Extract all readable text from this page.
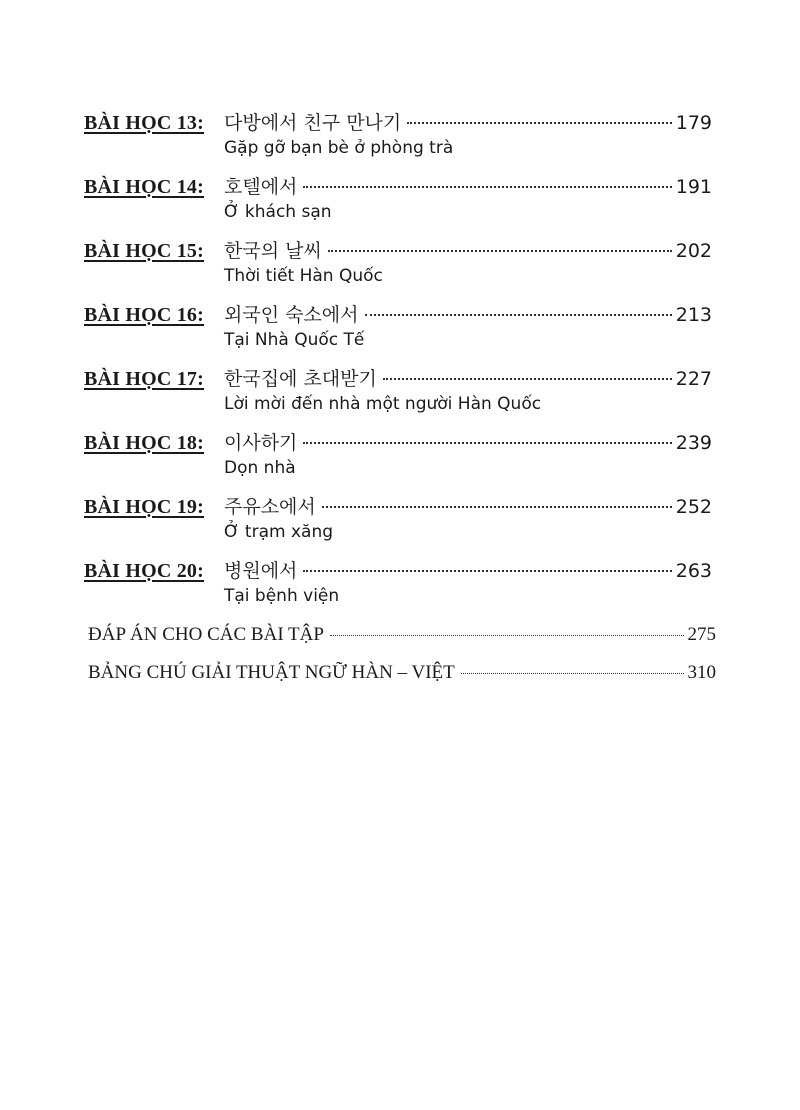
BÀI HỌC 13:	다방에서 친구 만나기	179
Gặp gỡ bạn bè ở phòng trà
BÀI HỌC 14:	호텔에서	191
Ở khách sạn
BÀI HỌC 15:	한국의 날씨	202
Thời tiết Hàn Quốc
BÀI HỌC 16:	외국인 숙소에서	213
Tại Nhà Quốc Tế
BÀI HỌC 17:	한국집에 초대받기	227
Lời mời đến nhà một người Hàn Quốc
BÀI HỌC 18:	이사하기	239
Dọn nhà
BÀI HỌC 19:	주유소에서	252
Ở trạm xăng
BÀI HỌC 20:	병원에서	263
Tại bệnh viện
ĐÁP ÁN CHO CÁC BÀI TẬP	275
BẢNG CHÚ GIẢI THUẬT NGỮ HÀN – VIỆT	310
